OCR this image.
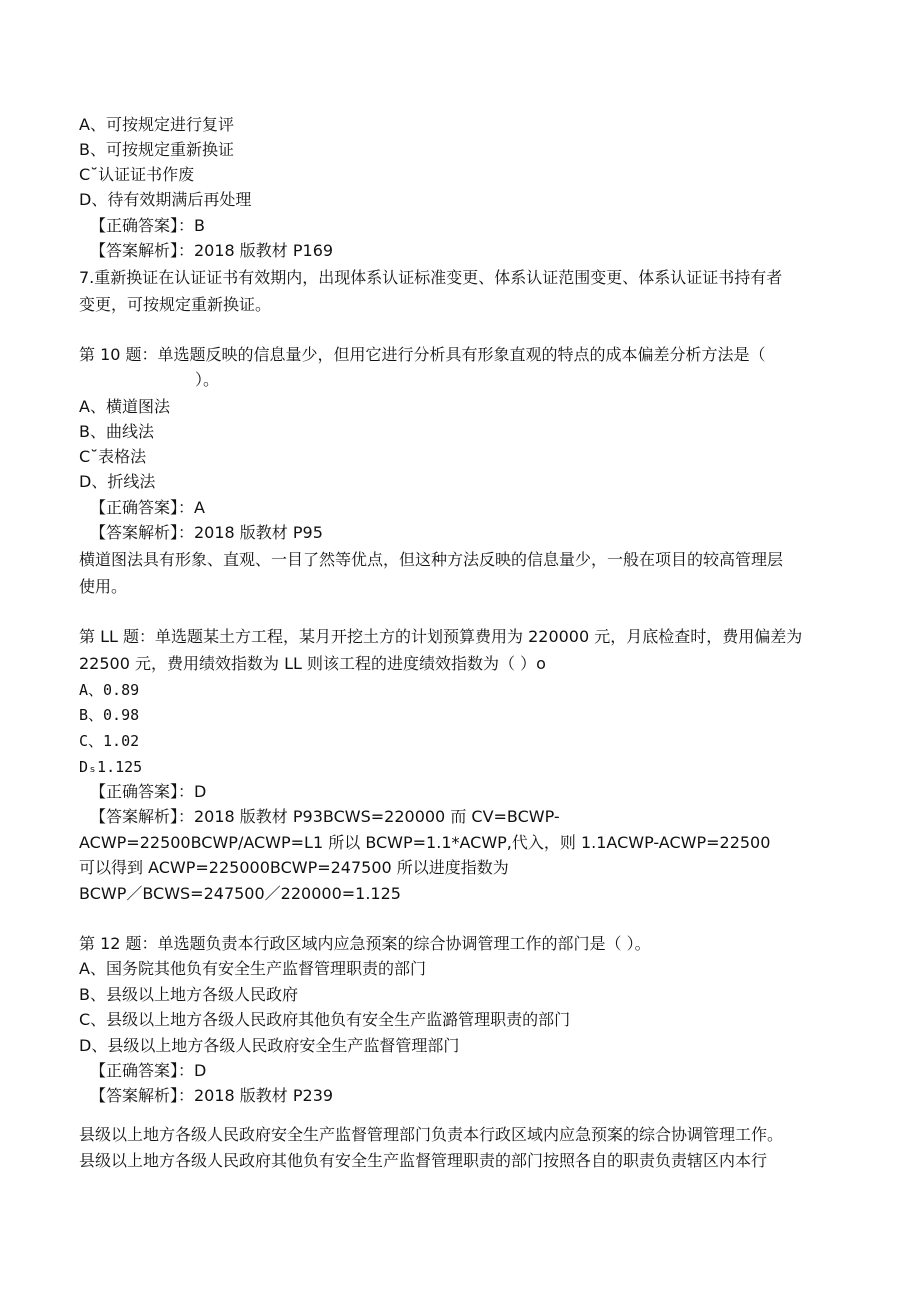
A、可按规定进行复评
B、可按规定重新换证
C˘认证证书作废
D、待有效期满后再处理
【正确答案】：B
【答案解析】：2018 版教材 P169
7.重新换证在认证证书有效期内，出现体系认证标准变更、体系认证范围变更、体系认证证书持有者
变更，可按规定重新换证。
第 10 题：单选题反映的信息量少，但用它进行分析具有形象直观的特点的成本偏差分析方法是（
）。
A、横道图法
B、曲线法
C˘表格法
D、折线法
【正确答案】：A
【答案解析】：2018 版教材 P95
横道图法具有形象、直观、一目了然等优点，但这种方法反映的信息量少，一般在项目的较高管理层
使用。
第 LL 题：单选题某土方工程，某月开挖土方的计划预算费用为 220000 元，月底检查时，费用偏差为
22500 元，费用绩效指数为 LL 则该工程的进度绩效指数为（ ）o
A、0.89
B、0.98
C、1.02
Dₛ1.125
【正确答案】：D
【答案解析】：2018 版教材 P93BCWS=220000 而 CV=BCWP-
ACWP=22500BCWP/ACWP=L1 所以 BCWP=1.1*ACWP,代入，则 1.1ACWP-ACWP=22500
可以得到 ACWP=225000BCWP=247500 所以进度指数为
BCWP／BCWS=247500／220000=1.125
第 12 题：单选题负责本行政区域内应急预案的综合协调管理工作的部门是（ ）。
A、国务院其他负有安全生产监督管理职责的部门
B、县级以上地方各级人民政府
C、县级以上地方各级人民政府其他负有安全生产监潞管理职责的部门
D、县级以上地方各级人民政府安全生产监督管理部门
【正确答案】：D
【答案解析】：2018 版教材 P239
县级以上地方各级人民政府安全生产监督管理部门负责本行政区域内应急预案的综合协调管理工作。
县级以上地方各级人民政府其他负有安全生产监督管理职责的部门按照各自的职责负责辖区内本行
